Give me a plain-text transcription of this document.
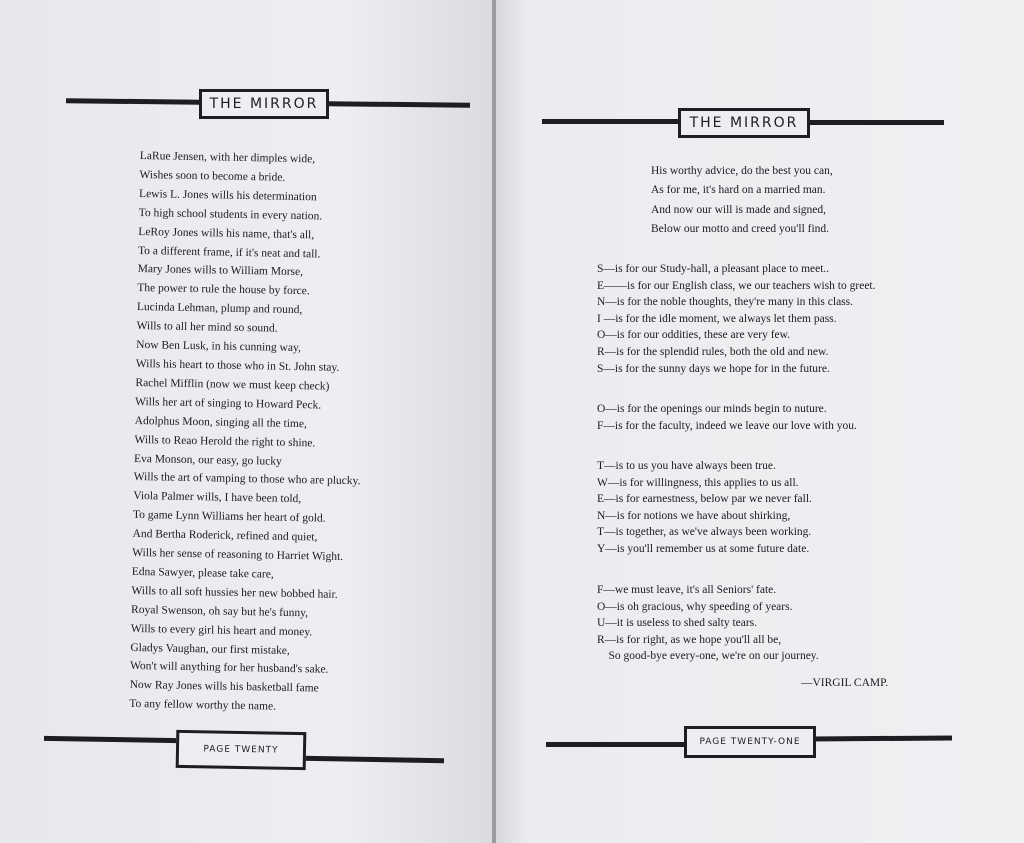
THE MIRROR
LaRue Jensen, with her dimples wide,
Wishes soon to become a bride.
Lewis L. Jones wills his determination
To high school students in every nation.
LeRoy Jones wills his name, that's all,
To a different frame, if it's neat and tall.
Mary Jones wills to William Morse,
The power to rule the house by force.
Lucinda Lehman, plump and round,
Wills to all her mind so sound.
Now Ben Lusk, in his cunning way,
Wills his heart to those who in St. John stay.
Rachel Mifflin (now we must keep check)
Wills her art of singing to Howard Peck.
Adolphus Moon, singing all the time,
Wills to Reao Herold the right to shine.
Eva Monson, our easy, go lucky
Wills the art of vamping to those who are plucky.
Viola Palmer wills, I have been told,
To game Lynn Williams her heart of gold.
And Bertha Roderick, refined and quiet,
Wills her sense of reasoning to Harriet Wight.
Edna Sawyer, please take care,
Wills to all soft hussies her new bobbed hair.
Royal Swenson, oh say but he's funny,
Wills to every girl his heart and money.
Gladys Vaughan, our first mistake,
Won't will anything for her husband's sake.
Now Ray Jones wills his basketball fame
To any fellow worthy the name.
PAGE TWENTY
THE MIRROR
His worthy advice, do the best you can,
As for me, it's hard on a married man.
And now our will is made and signed,
Below our motto and creed you'll find.
S—is for our Study-hall, a pleasant place to meet..
E——is for our English class, we our teachers wish to greet.
N—is for the noble thoughts, they're many in this class.
I —is for the idle moment, we always let them pass.
O—is for our oddities, these are very few.
R—is for the splendid rules, both the old and new.
S—is for the sunny days we hope for in the future.
O—is for the openings our minds begin to nuture.
F—is for the faculty, indeed we leave our love with you.
T—is to us you have always been true.
W—is for willingness, this applies to us all.
E—is for earnestness, below par we never fall.
N—is for notions we have about shirking,
T—is together, as we've always been working.
Y—is you'll remember us at some future date.
F—we must leave, it's all Seniors' fate.
O—is oh gracious, why speeding of years.
U—it is useless to shed salty tears.
R—is for right, as we hope you'll all be,
So good-bye every-one, we're on our journey.
—VIRGIL CAMP.
PAGE TWENTY-ONE
